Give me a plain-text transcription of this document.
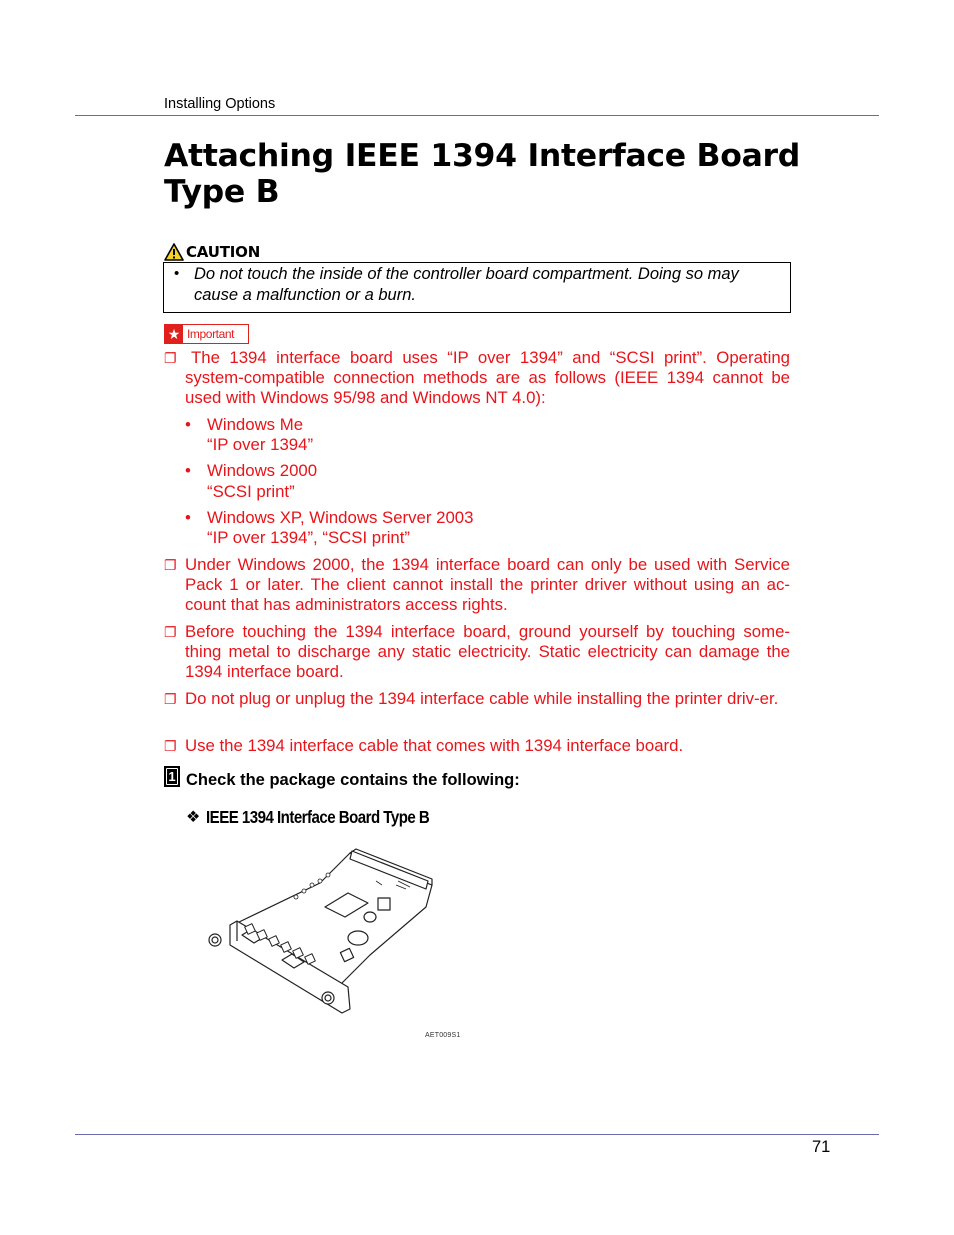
Installing Options
Attaching IEEE 1394 Interface Board Type B
CAUTION
• Do not touch the inside of the controller board compartment. Doing so may cause a malfunction or a burn.
★ Important
❐ The 1394 interface board uses “IP over 1394” and “SCSI print”. Operating system-compatible connection methods are as follows (IEEE 1394 cannot be used with Windows 95/98 and Windows NT 4.0):
• Windows Me
“IP over 1394”
• Windows 2000
“SCSI print”
• Windows XP, Windows Server 2003
“IP over 1394”, “SCSI print”
❐ Under Windows 2000, the 1394 interface board can only be used with Service Pack 1 or later. The client cannot install the printer driver without using an ac-count that has administrators access rights.
❐ Before touching the 1394 interface board, ground yourself by touching some-thing metal to discharge any static electricity. Static electricity can damage the 1394 interface board.
❐ Do not plug or unplug the 1394 interface cable while installing the printer driv-er.
❐ Use the 1394 interface cable that comes with 1394 interface board.
1 Check the package contains the following:
❖ IEEE 1394 Interface Board Type B
AET009S1
71
